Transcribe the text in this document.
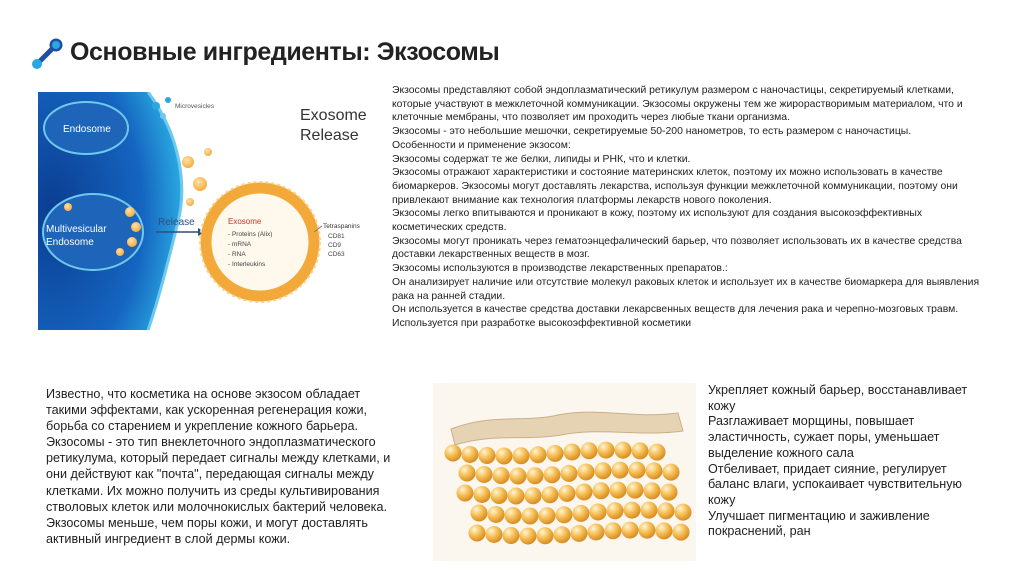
Основные ингредиенты: Экзосомы
Endosome
Multivesicular
Endosome
Microvesicles
Release
Exosome
Release
Exosome
- Proteins (Alix)
- mRNA
- RNA
- Interleukins
Tetraspanins
CD81
CD9
CD63

Экзосомы представляют собой эндоплазматический ретикулум размером с наночастицы, секретируемый клетками, которые участвуют в межклеточной коммуникации. Экзосомы окружены тем же жирорастворимым материалом, что и клеточные мембраны, что позволяет им проходить через любые ткани организма.

Экзосомы - это небольшие мешочки, секретируемые 50-200 нанометров, то есть размером с наночастицы.

Особенности и применение экзосом:

Экзосомы содержат те же белки, липиды и РНК, что и клетки.

Экзосомы отражают характеристики и состояние материнских клеток, поэтому их можно использовать в качестве биомаркеров. Экзосомы могут доставлять лекарства, используя функции межклеточной коммуникации, поэтому они привлекают внимание как технология платформы лекарств нового поколения.

Экзосомы легко впитываются и проникают в кожу, поэтому их используют для создания высокоэффективных косметических средств.

Экзосомы могут проникать через гематоэнцефалический барьер, что позволяет использовать их в качестве средства доставки лекарственных веществ в мозг.

Экзосомы используются в производстве лекарственных препаратов.:

Он анализирует наличие или отсутствие молекул раковых клеток и использует их в качестве биомаркера для выявления рака на ранней стадии.

Он используется в качестве средства доставки лекарсвенных веществ для лечения рака и черепно-мозговых травм.

Используется при разработке высокоэффективной косметики

Известно, что косметика на основе экзосом обладает такими эффектами, как ускоренная регенерация кожи, борьба со старением и укрепление кожного барьера. Экзосомы - это тип внеклеточного эндоплазматического ретикулума, который передает сигналы между клетками, и они действуют как "почта", передающая сигналы между клетками. Их можно получить из среды культивирования стволовых клеток или молочнокислых бактерий человека. Экзосомы меньше, чем поры кожи, и могут доставлять активный ингредиент в слой дермы кожи.

Укрепляет кожный барьер, восстанавливает кожу

Разглаживает морщины, повышает эластичность, сужает поры, уменьшает выделение кожного сала

Отбеливает, придает сияние, регулирует баланс влаги, успокаивает чувствительную кожу

Улучшает пигментацию и заживление покраснений, ран
